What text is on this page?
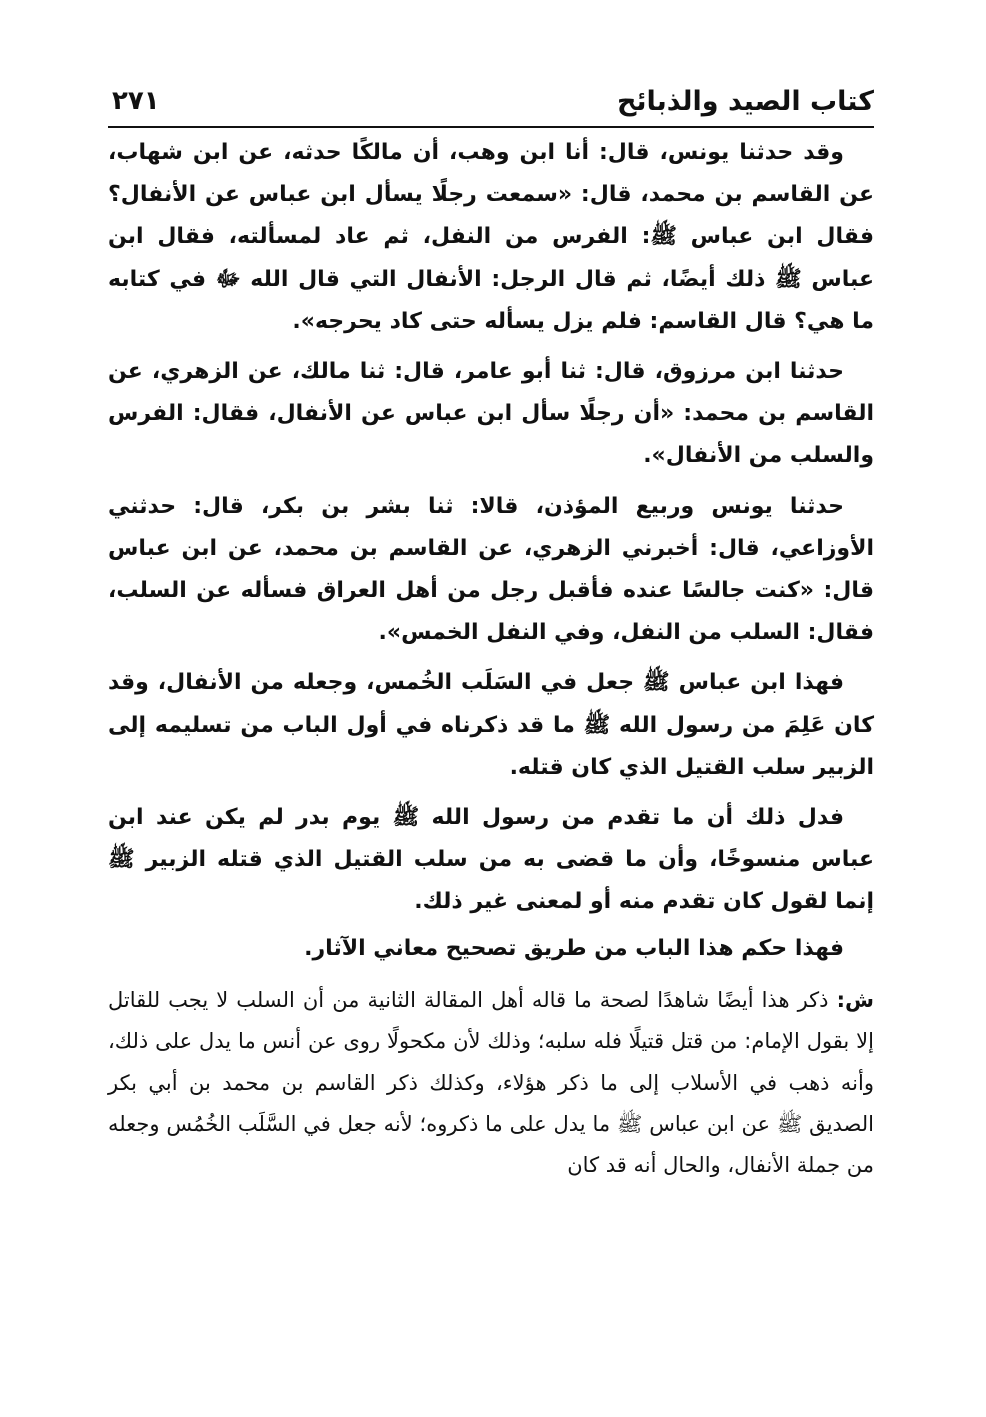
كتاب الصيد والذبائح
٢٧١

وقد حدثنا يونس، قال: أنا ابن وهب، أن مالكًا حدثه، عن ابن شهاب، عن القاسم بن محمد، قال: «سمعت رجلًا يسأل ابن عباس عن الأنفال؟ فقال ابن عباس ﷺ: الفرس من النفل، ثم عاد لمسألته، فقال ابن عباس ﷺ ذلك أيضًا، ثم قال الرجل: الأنفال التي قال الله ﷻ في كتابه ما هي؟ قال القاسم: فلم يزل يسأله حتى كاد يحرجه».

حدثنا ابن مرزوق، قال: ثنا أبو عامر، قال: ثنا مالك، عن الزهري، عن القاسم بن محمد: «أن رجلًا سأل ابن عباس عن الأنفال، فقال: الفرس والسلب من الأنفال».

حدثنا يونس وربيع المؤذن، قالا: ثنا بشر بن بكر، قال: حدثني الأوزاعي، قال: أخبرني الزهري، عن القاسم بن محمد، عن ابن عباس قال: «كنت جالسًا عنده فأقبل رجل من أهل العراق فسأله عن السلب، فقال: السلب من النفل، وفي النفل الخمس».

فهذا ابن عباس ﷺ جعل في السَلَب الخُمس، وجعله من الأنفال، وقد كان عَلِمَ من رسول الله ﷺ ما قد ذكرناه في أول الباب من تسليمه إلى الزبير سلب القتيل الذي كان قتله.

فدل ذلك أن ما تقدم من رسول الله ﷺ يوم بدر لم يكن عند ابن عباس منسوخًا، وأن ما قضى به من سلب القتيل الذي قتله الزبير ﷺ إنما لقول كان تقدم منه أو لمعنى غير ذلك.

فهذا حكم هذا الباب من طريق تصحيح معاني الآثار.

ش: ذكر هذا أيضًا شاهدًا لصحة ما قاله أهل المقالة الثانية من أن السلب لا يجب للقاتل إلا بقول الإمام: من قتل قتيلًا فله سلبه؛ وذلك لأن مكحولًا روى عن أنس ما يدل على ذلك، وأنه ذهب في الأسلاب إلى ما ذكر هؤلاء، وكذلك ذكر القاسم بن محمد بن أبي بكر الصديق ﷺ عن ابن عباس ﷺ ما يدل على ما ذكروه؛ لأنه جعل في السَّلَب الخُمُس وجعله من جملة الأنفال، والحال أنه قد كان
